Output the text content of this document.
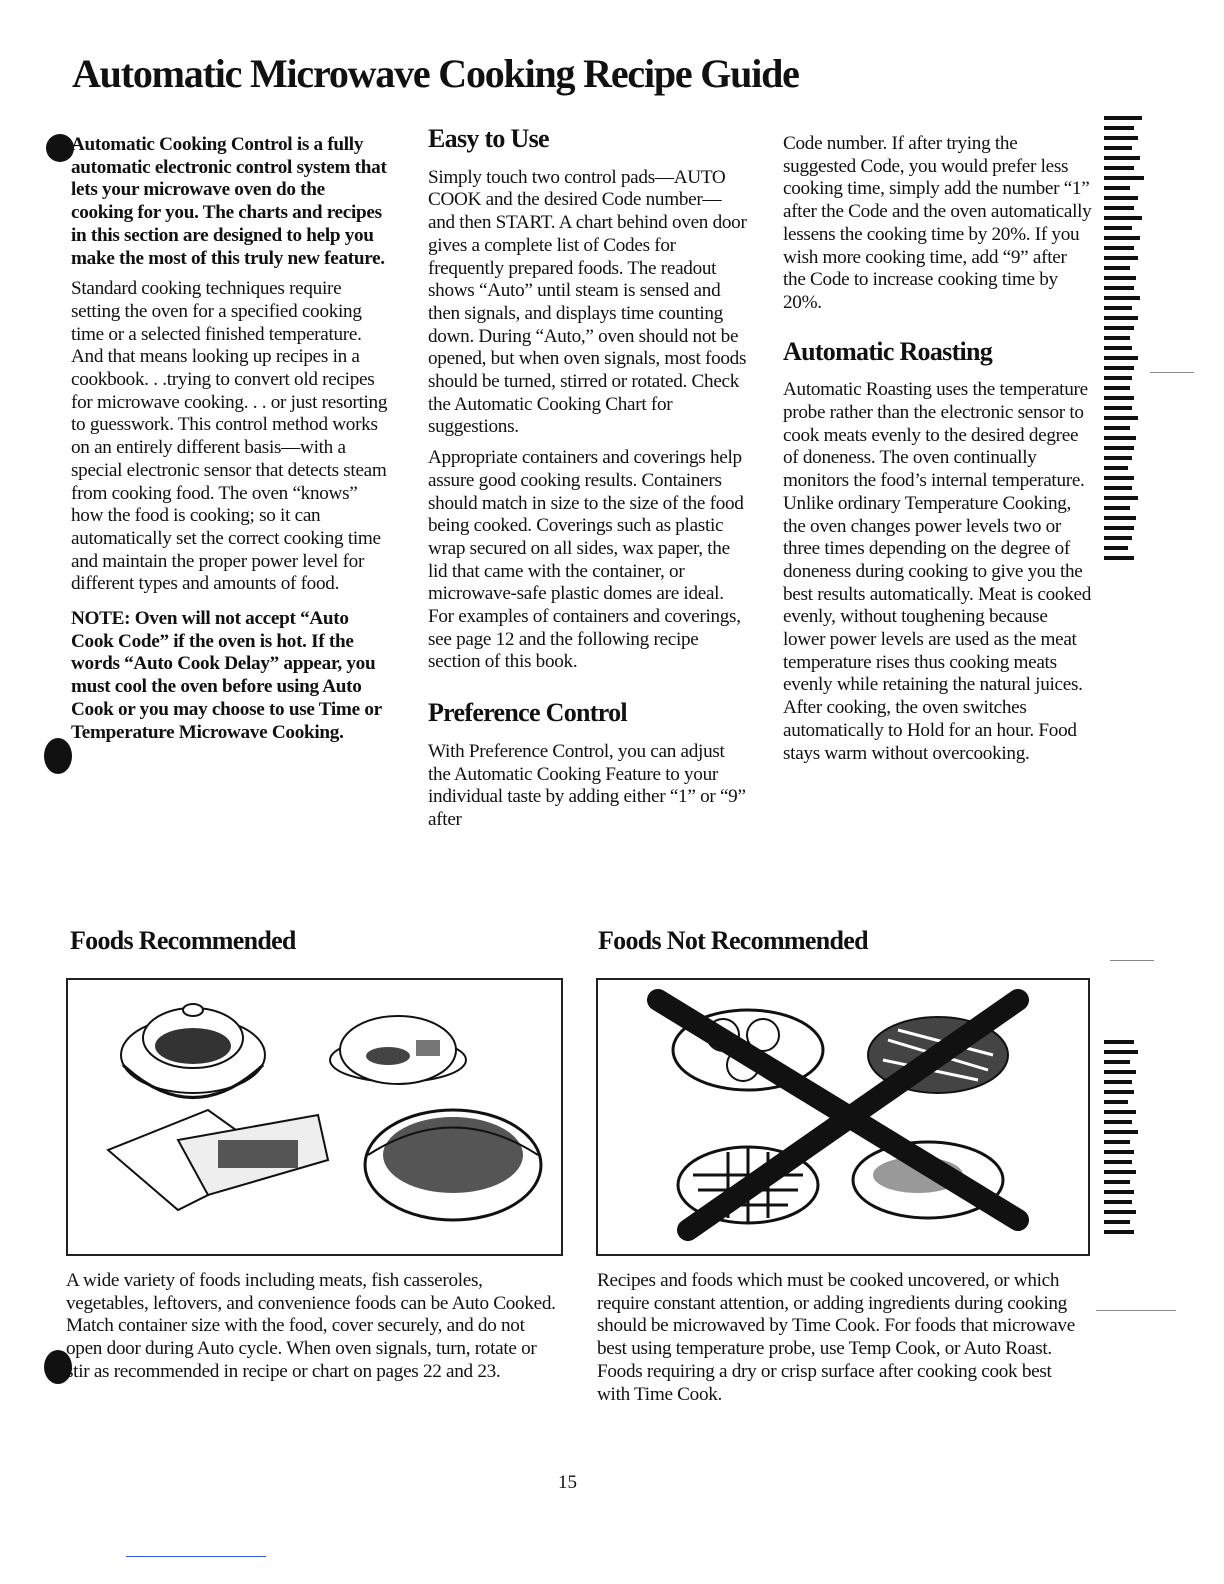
Automatic Microwave Cooking Recipe Guide

Automatic Cooking Control is a fully automatic electronic control system that lets your microwave oven do the cooking for you. The charts and recipes in this section are designed to help you make the most of this truly new feature.

Standard cooking techniques require setting the oven for a specified cooking time or a selected finished temperature. And that means looking up recipes in a cookbook. . .trying to convert old recipes for microwave cooking. . . or just resorting to guesswork. This control method works on an entirely different basis—with a special electronic sensor that detects steam from cooking food. The oven “knows” how the food is cooking; so it can automatically set the correct cooking time and maintain the proper power level for different types and amounts of food.

NOTE: Oven will not accept “Auto Cook Code” if the oven is hot. If the words “Auto Cook Delay” appear, you must cool the oven before using Auto Cook or you may choose to use Time or Temperature Microwave Cooking.

Easy to Use

Simply touch two control pads—AUTO COOK and the desired Code number—and then START. A chart behind oven door gives a complete list of Codes for frequently prepared foods. The readout shows “Auto” until steam is sensed and then signals, and displays time counting down. During “Auto,” oven should not be opened, but when oven signals, most foods should be turned, stirred or rotated. Check the Automatic Cooking Chart for suggestions.

Appropriate containers and coverings help assure good cooking results. Containers should match in size to the size of the food being cooked. Coverings such as plastic wrap secured on all sides, wax paper, the lid that came with the container, or microwave-safe plastic domes are ideal. For examples of containers and coverings, see page 12 and the following recipe section of this book.

Preference Control

With Preference Control, you can adjust the Automatic Cooking Feature to your individual taste by adding either “1” or “9” after

Code number. If after trying the suggested Code, you would prefer less cooking time, simply add the number “1” after the Code and the oven automatically lessens the cooking time by 20%. If you wish more cooking time, add “9” after the Code to increase cooking time by 20%.

Automatic Roasting

Automatic Roasting uses the temperature probe rather than the electronic sensor to cook meats evenly to the desired degree of doneness. The oven continually monitors the food’s internal temperature. Unlike ordinary Temperature Cooking, the oven changes power levels two or three times depending on the degree of doneness during cooking to give you the best results automatically. Meat is cooked evenly, without toughening because lower power levels are used as the meat temperature rises thus cooking meats evenly while retaining the natural juices. After cooking, the oven switches automatically to Hold for an hour. Food stays warm without overcooking.

Foods Recommended	Foods Not Recommended

A wide variety of foods including meats, fish casseroles, vegetables, leftovers, and convenience foods can be Auto Cooked. Match container size with the food, cover securely, and do not open door during Auto cycle. When oven signals, turn, rotate or stir as recommended in recipe or chart on pages 22 and 23.

Recipes and foods which must be cooked uncovered, or which require constant attention, or adding ingredients during cooking should be microwaved by Time Cook. For foods that microwave best using temperature probe, use Temp Cook, or Auto Roast. Foods requiring a dry or crisp surface after cooking cook best with Time Cook.

15
